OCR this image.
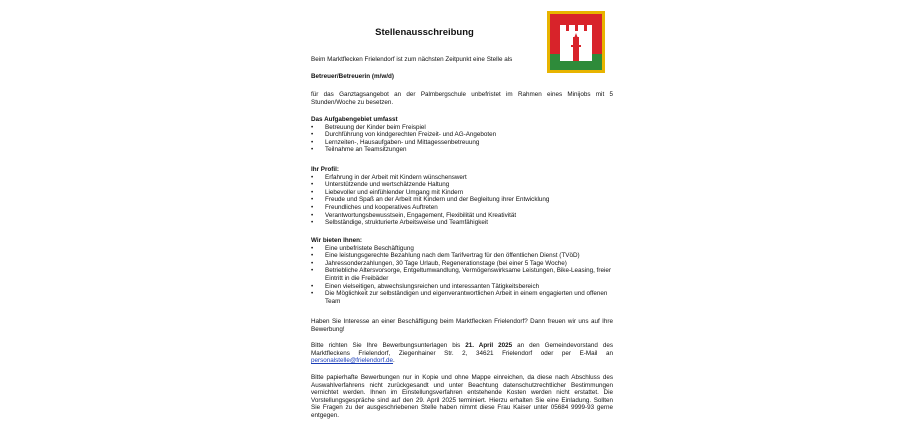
Stellenausschreibung

Beim Marktflecken Frielendorf ist zum nächsten Zeitpunkt eine Stelle als

Betreuer/Betreuerin (m/w/d)

für das Ganztagsangebot an der Palmbergschule unbefristet im Rahmen eines Minijobs mit 5 Stunden/Woche zu besetzen.

Das Aufgabengebiet umfasst

• Betreuung der Kinder beim Freispiel
• Durchführung von kindgerechten Freizeit- und AG-Angeboten
• Lernzeiten-, Hausaufgaben- und Mittagessenbetreuung
• Teilnahme an Teamsitzungen

Ihr Profil:

• Erfahrung in der Arbeit mit Kindern wünschenswert
• Unterstützende und wertschätzende Haltung
• Liebevoller und einfühlender Umgang mit Kindern
• Freude und Spaß an der Arbeit mit Kindern und der Begleitung ihrer Entwicklung
• Freundliches und kooperatives Auftreten
• Verantwortungsbewusstsein, Engagement, Flexibilität und Kreativität
• Selbständige, strukturierte Arbeitsweise und Teamfähigkeit

Wir bieten Ihnen:

• Eine unbefristete Beschäftigung
• Eine leistungsgerechte Bezahlung nach dem Tarifvertrag für den öffentlichen Dienst (TVöD)
• Jahressonderzahlungen, 30 Tage Urlaub, Regenerationstage (bei einer 5 Tage Woche)
• Betriebliche Altersvorsorge, Entgeltumwandlung, Vermögenswirksame Leistungen, Bike-Leasing, freier Eintritt in die Freibäder
• Einen vielseitigen, abwechslungsreichen und interessanten Tätigkeitsbereich
• Die Möglichkeit zur selbständigen und eigenverantwortlichen Arbeit in einem engagierten und offenen Team

Haben Sie Interesse an einer Beschäftigung beim Marktflecken Frielendorf? Dann freuen wir uns auf Ihre Bewerbung!

Bitte richten Sie Ihre Bewerbungsunterlagen bis 21. April 2025 an den Gemeindevorstand des Marktfleckens Frielendorf, Ziegenhainer Str. 2, 34621 Frielendorf oder per E-Mail an personalstelle@frielendorf.de.

Bitte papierhafte Bewerbungen nur in Kopie und ohne Mappe einreichen, da diese nach Abschluss des Auswahlverfahrens nicht zurückgesandt und unter Beachtung datenschutzrechtlicher Bestimmungen vernichtet werden. Ihnen im Einstellungsverfahren entstehende Kosten werden nicht erstattet. Die Vorstellungsgespräche sind auf den 29. April 2025 terminiert. Hierzu erhalten Sie eine Einladung. Sollten Sie Fragen zu der ausgeschriebenen Stelle haben nimmt diese Frau Kaiser unter 05684 9999-93 gerne entgegen.
